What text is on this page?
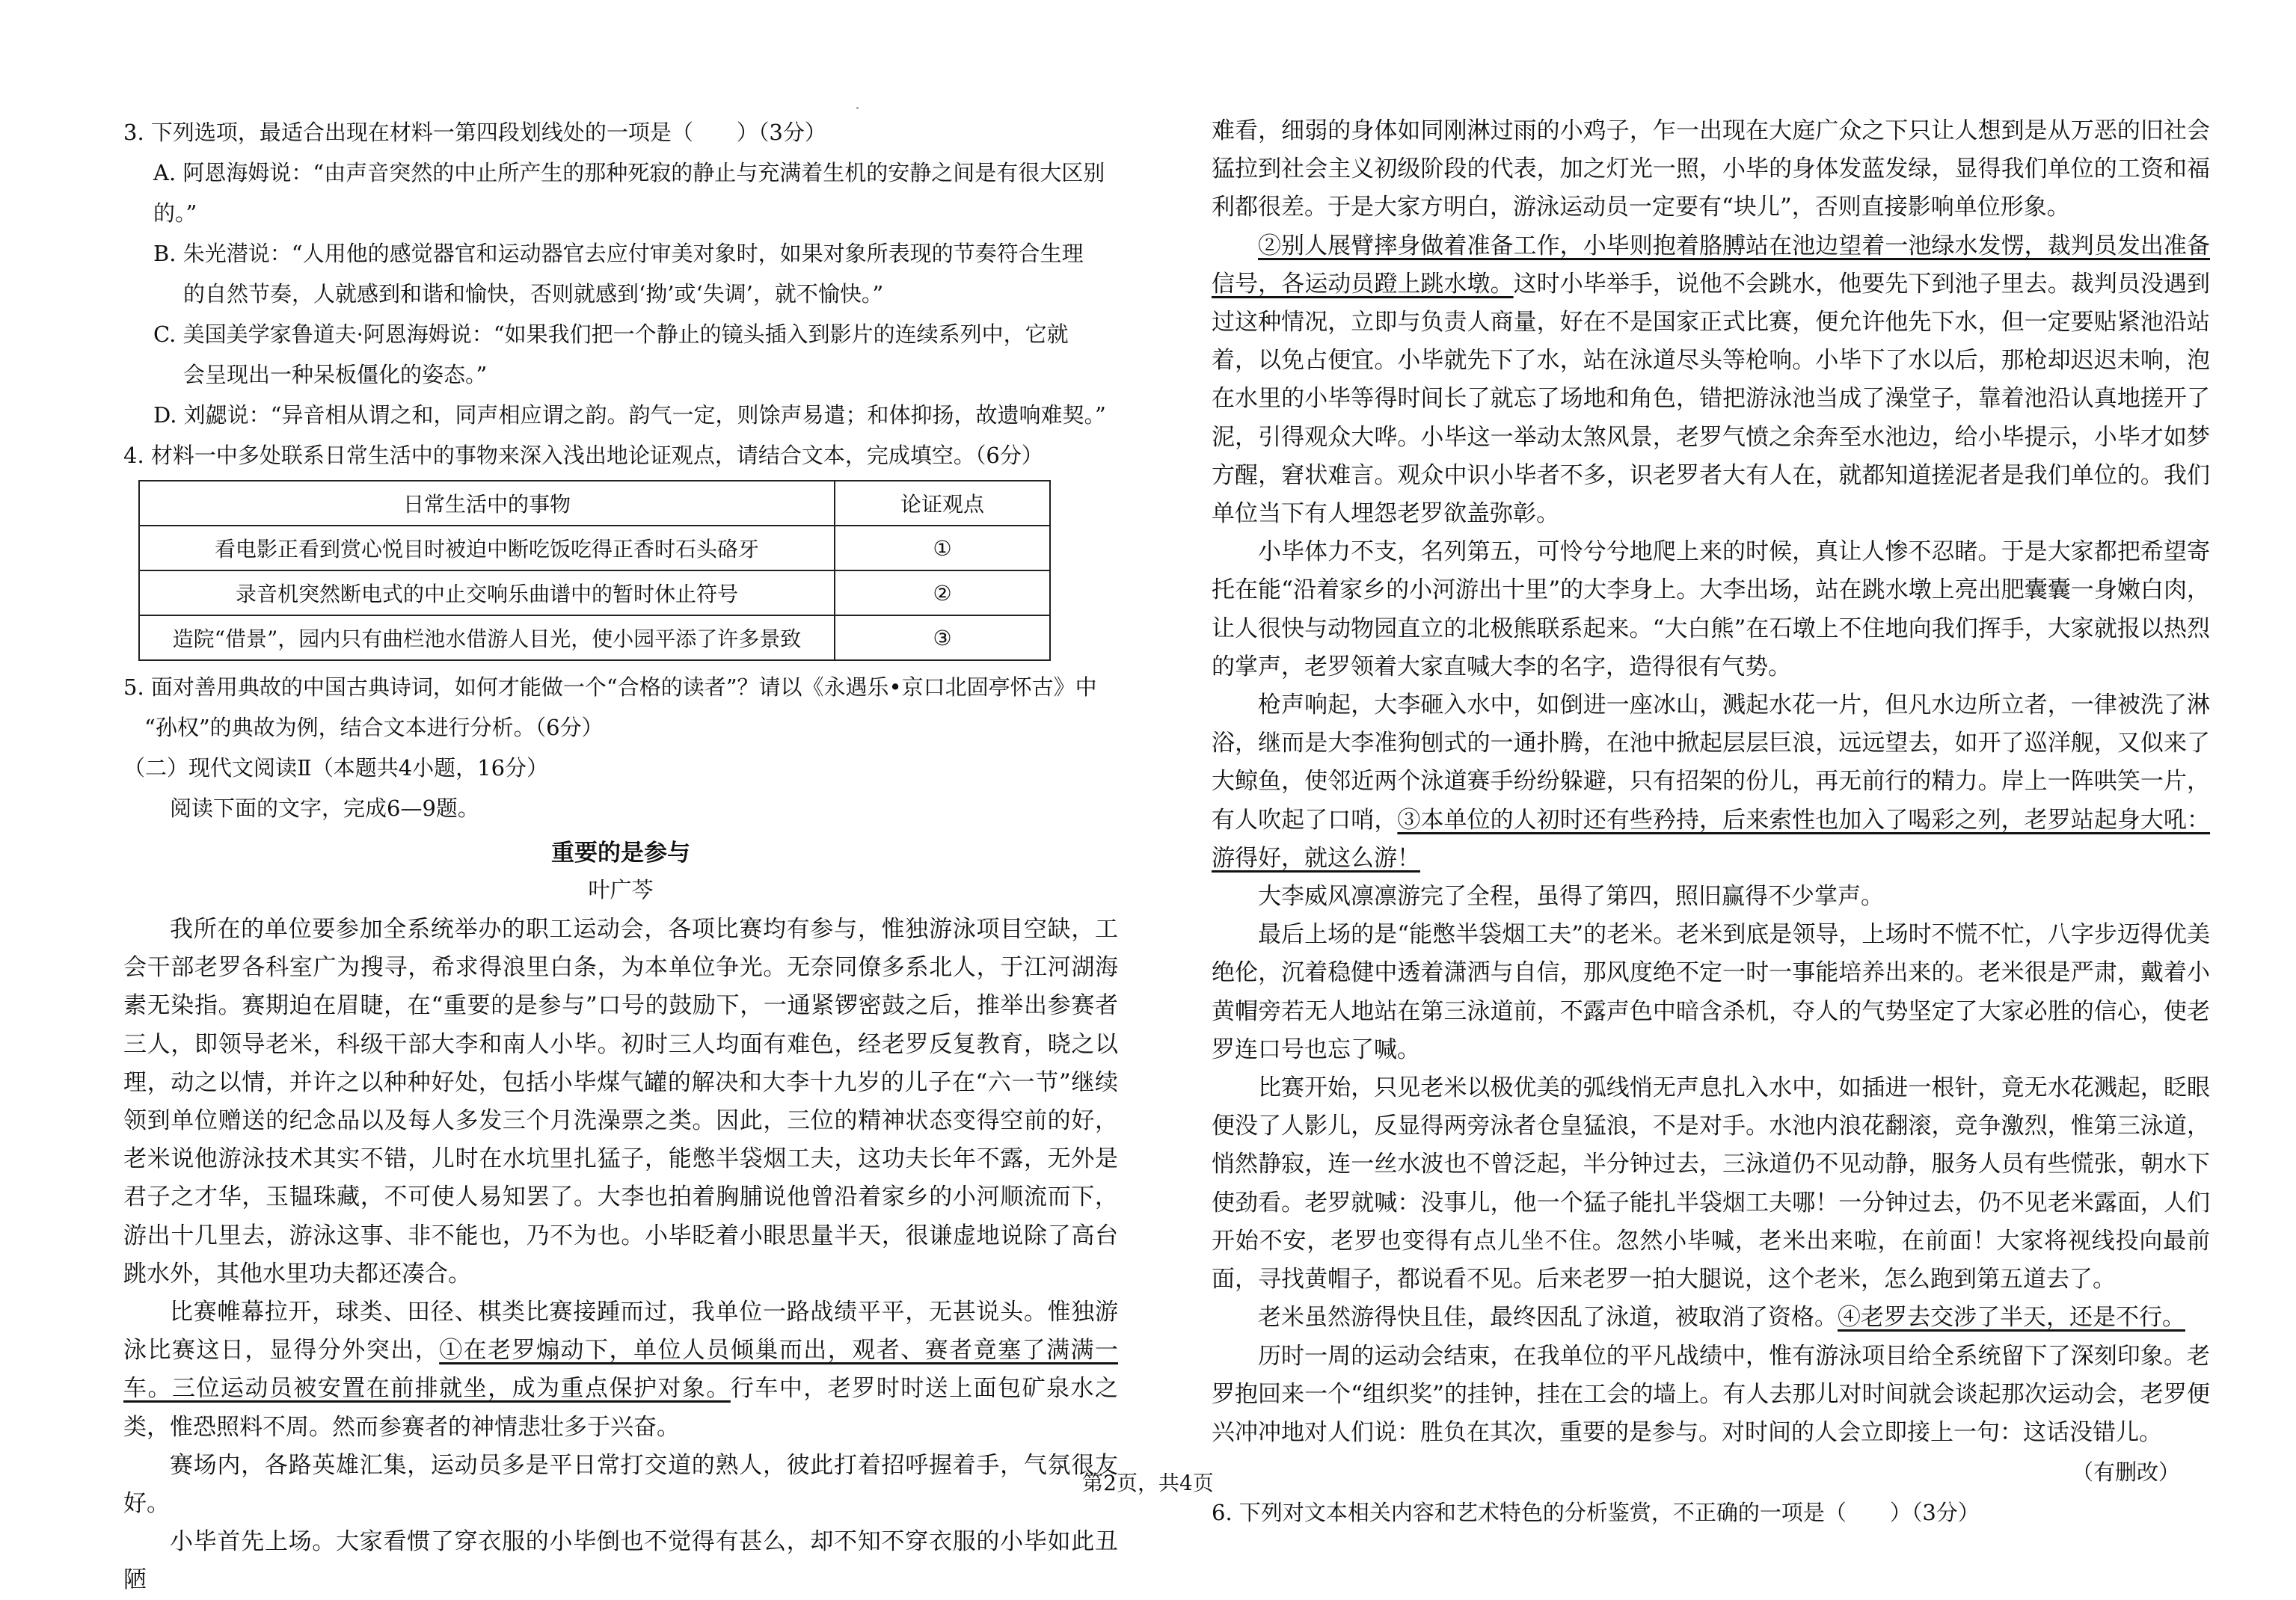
3. 下列选项，最适合出现在材料一第四段划线处的一项是（　　）（3分）

A. 阿恩海姆说：“由声音突然的中止所产生的那种死寂的静止与充满着生机的安静之间是有很大区别的。”

B. 朱光潜说：“人用他的感觉器官和运动器官去应付审美对象时，如果对象所表现的节奏符合生理
的自然节奏，人就感到和谐和愉快，否则就感到‘拗’或‘失调’，就不愉快。”

C. 美国美学家鲁道夫·阿恩海姆说：“如果我们把一个静止的镜头插入到影片的连续系列中，它就
会呈现出一种呆板僵化的姿态。”

D. 刘勰说：“异音相从谓之和，同声相应谓之韵。韵气一定，则馀声易遣；和体抑扬，故遗响难契。”

4. 材料一中多处联系日常生活中的事物来深入浅出地论证观点，请结合文本，完成填空。（6分）

日常生活中的事物	论证观点
看电影正看到赏心悦目时被迫中断吃饭吃得正香时石头硌牙	①
录音机突然断电式的中止交响乐曲谱中的暂时休止符号	②
造院“借景”，园内只有曲栏池水借游人目光，使小园平添了许多景致	③

5. 面对善用典故的中国古典诗词，如何才能做一个“合格的读者”？请以《永遇乐•京口北固亭怀古》中

“孙权”的典故为例，结合文本进行分析。（6分）

（二）现代文阅读Ⅱ（本题共4小题，16分）

阅读下面的文字，完成6—9题。

重要的是参与

叶广芩

我所在的单位要参加全系统举办的职工运动会，各项比赛均有参与，惟独游泳项目空缺，工会干部老罗各科室广为搜寻，希求得浪里白条，为本单位争光。无奈同僚多系北人，于江河湖海素无染指。赛期迫在眉睫，在“重要的是参与”口号的鼓励下，一通紧锣密鼓之后，推举出参赛者三人，即领导老米，科级干部大李和南人小毕。初时三人均面有难色，经老罗反复教育，晓之以理，动之以情，并许之以种种好处，包括小毕煤气罐的解决和大李十九岁的儿子在“六一节”继续领到单位赠送的纪念品以及每人多发三个月洗澡票之类。因此，三位的精神状态变得空前的好，老米说他游泳技术其实不错，儿时在水坑里扎猛子，能憋半袋烟工夫，这功夫长年不露，无外是君子之才华，玉韫珠藏，不可使人易知罢了。大李也拍着胸脯说他曾沿着家乡的小河顺流而下，游出十几里去，游泳这事、非不能也，乃不为也。小毕眨着小眼思量半天，很谦虚地说除了高台跳水外，其他水里功夫都还凑合。

比赛帷幕拉开，球类、田径、棋类比赛接踵而过，我单位一路战绩平平，无甚说头。惟独游泳比赛这日，显得分外突出，①在老罗煽动下，单位人员倾巢而出，观者、赛者竟塞了满满一车。三位运动员被安置在前排就坐，成为重点保护对象。行车中，老罗时时送上面包矿泉水之类，惟恐照料不周。然而参赛者的神情悲壮多于兴奋。

赛场内，各路英雄汇集，运动员多是平日常打交道的熟人，彼此打着招呼握着手，气氛很友好。

小毕首先上场。大家看惯了穿衣服的小毕倒也不觉得有甚么，却不知不穿衣服的小毕如此丑陋

难看，细弱的身体如同刚淋过雨的小鸡子，乍一出现在大庭广众之下只让人想到是从万恶的旧社会猛拉到社会主义初级阶段的代表，加之灯光一照，小毕的身体发蓝发绿，显得我们单位的工资和福利都很差。于是大家方明白，游泳运动员一定要有“块儿”，否则直接影响单位形象。

②别人展臂摔身做着准备工作，小毕则抱着胳膊站在池边望着一池绿水发愣，裁判员发出准备信号，各运动员蹬上跳水墩。这时小毕举手，说他不会跳水，他要先下到池子里去。裁判员没遇到过这种情况，立即与负责人商量，好在不是国家正式比赛，便允许他先下水，但一定要贴紧池沿站着，以免占便宜。小毕就先下了水，站在泳道尽头等枪响。小毕下了水以后，那枪却迟迟未响，泡在水里的小毕等得时间长了就忘了场地和角色，错把游泳池当成了澡堂子，靠着池沿认真地搓开了泥，引得观众大哗。小毕这一举动太煞风景，老罗气愤之余奔至水池边，给小毕提示，小毕才如梦方醒，窘状难言。观众中识小毕者不多，识老罗者大有人在，就都知道搓泥者是我们单位的。我们单位当下有人埋怨老罗欲盖弥彰。

小毕体力不支，名列第五，可怜兮兮地爬上来的时候，真让人惨不忍睹。于是大家都把希望寄托在能“沿着家乡的小河游出十里”的大李身上。大李出场，站在跳水墩上亮出肥囊囊一身嫩白肉，让人很快与动物园直立的北极熊联系起来。“大白熊”在石墩上不住地向我们挥手，大家就报以热烈的掌声，老罗领着大家直喊大李的名字，造得很有气势。

枪声响起，大李砸入水中，如倒进一座冰山，溅起水花一片，但凡水边所立者，一律被洗了淋浴，继而是大李准狗刨式的一通扑腾，在池中掀起层层巨浪，远远望去，如开了巡洋舰，又似来了大鲸鱼，使邻近两个泳道赛手纷纷躲避，只有招架的份儿，再无前行的精力。岸上一阵哄笑一片，有人吹起了口哨，③本单位的人初时还有些矜持，后来索性也加入了喝彩之列，老罗站起身大吼：游得好，就这么游！

大李威风凛凛游完了全程，虽得了第四，照旧赢得不少掌声。

最后上场的是“能憋半袋烟工夫”的老米。老米到底是领导，上场时不慌不忙，八字步迈得优美绝伦，沉着稳健中透着潇洒与自信，那风度绝不定一时一事能培养出来的。老米很是严肃，戴着小黄帽旁若无人地站在第三泳道前，不露声色中暗含杀机，夺人的气势坚定了大家必胜的信心，使老罗连口号也忘了喊。

比赛开始，只见老米以极优美的弧线悄无声息扎入水中，如插进一根针，竟无水花溅起，眨眼便没了人影儿，反显得两旁泳者仓皇猛浪，不是对手。水池内浪花翻滚，竞争激烈，惟第三泳道，悄然静寂，连一丝水波也不曾泛起，半分钟过去，三泳道仍不见动静，服务人员有些慌张，朝水下使劲看。老罗就喊：没事儿，他一个猛子能扎半袋烟工夫哪！一分钟过去，仍不见老米露面，人们开始不安，老罗也变得有点儿坐不住。忽然小毕喊，老米出来啦，在前面！大家将视线投向最前面，寻找黄帽子，都说看不见。后来老罗一拍大腿说，这个老米，怎么跑到第五道去了。

老米虽然游得快且佳，最终因乱了泳道，被取消了资格。④老罗去交涉了半天，还是不行。

历时一周的运动会结束，在我单位的平凡战绩中，惟有游泳项目给全系统留下了深刻印象。老罗抱回来一个“组织奖”的挂钟，挂在工会的墙上。有人去那儿对时间就会谈起那次运动会，老罗便兴冲冲地对人们说：胜负在其次，重要的是参与。对时间的人会立即接上一句：这话没错儿。

（有删改）

6. 下列对文本相关内容和艺术特色的分析鉴赏，不正确的一项是（　　）（3分）

第2页，共4页
